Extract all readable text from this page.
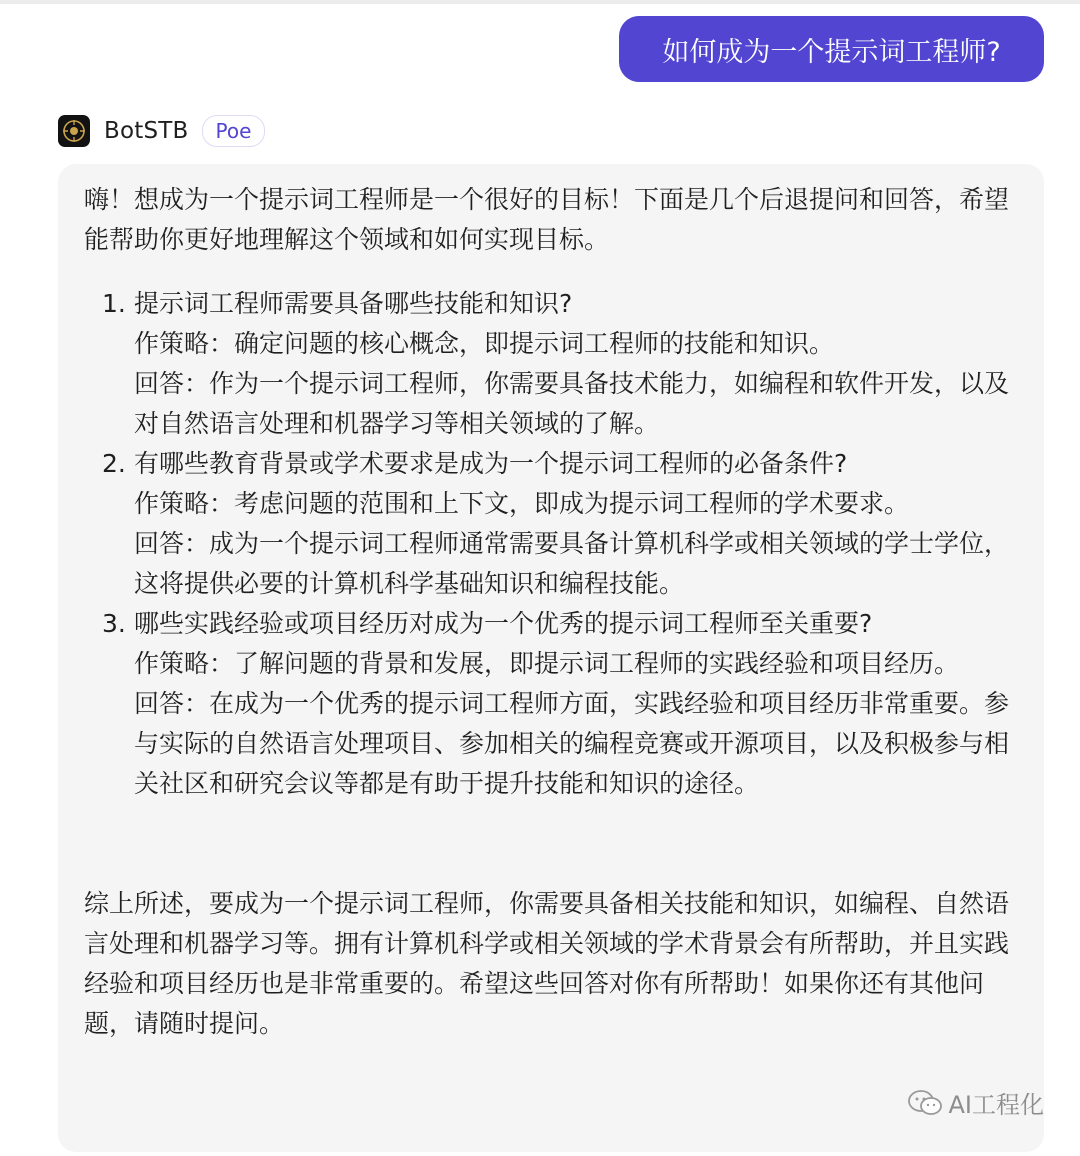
如何成为一个提示词工程师?
BotSTB	Poe

嗨！想成为一个提示词工程师是一个很好的目标！下面是几个后退提问和回答，希望能帮助你更好地理解这个领域和如何实现目标。

1. 提示词工程师需要具备哪些技能和知识?

作策略：确定问题的核心概念，即提示词工程师的技能和知识。

回答：作为一个提示词工程师，你需要具备技术能力，如编程和软件开发，以及对自然语言处理和机器学习等相关领域的了解。

2. 有哪些教育背景或学术要求是成为一个提示词工程师的必备条件?

作策略：考虑问题的范围和上下文，即成为提示词工程师的学术要求。

回答：成为一个提示词工程师通常需要具备计算机科学或相关领域的学士学位，这将提供必要的计算机科学基础知识和编程技能。

3. 哪些实践经验或项目经历对成为一个优秀的提示词工程师至关重要?

作策略：了解问题的背景和发展，即提示词工程师的实践经验和项目经历。

回答：在成为一个优秀的提示词工程师方面，实践经验和项目经历非常重要。参与实际的自然语言处理项目、参加相关的编程竞赛或开源项目，以及积极参与相关社区和研究会议等都是有助于提升技能和知识的途径。

综上所述，要成为一个提示词工程师，你需要具备相关技能和知识，如编程、自然语言处理和机器学习等。拥有计算机科学或相关领域的学术背景会有所帮助，并且实践经验和项目经历也是非常重要的。希望这些回答对你有所帮助！如果你还有其他问题，请随时提问。

AI工程化
